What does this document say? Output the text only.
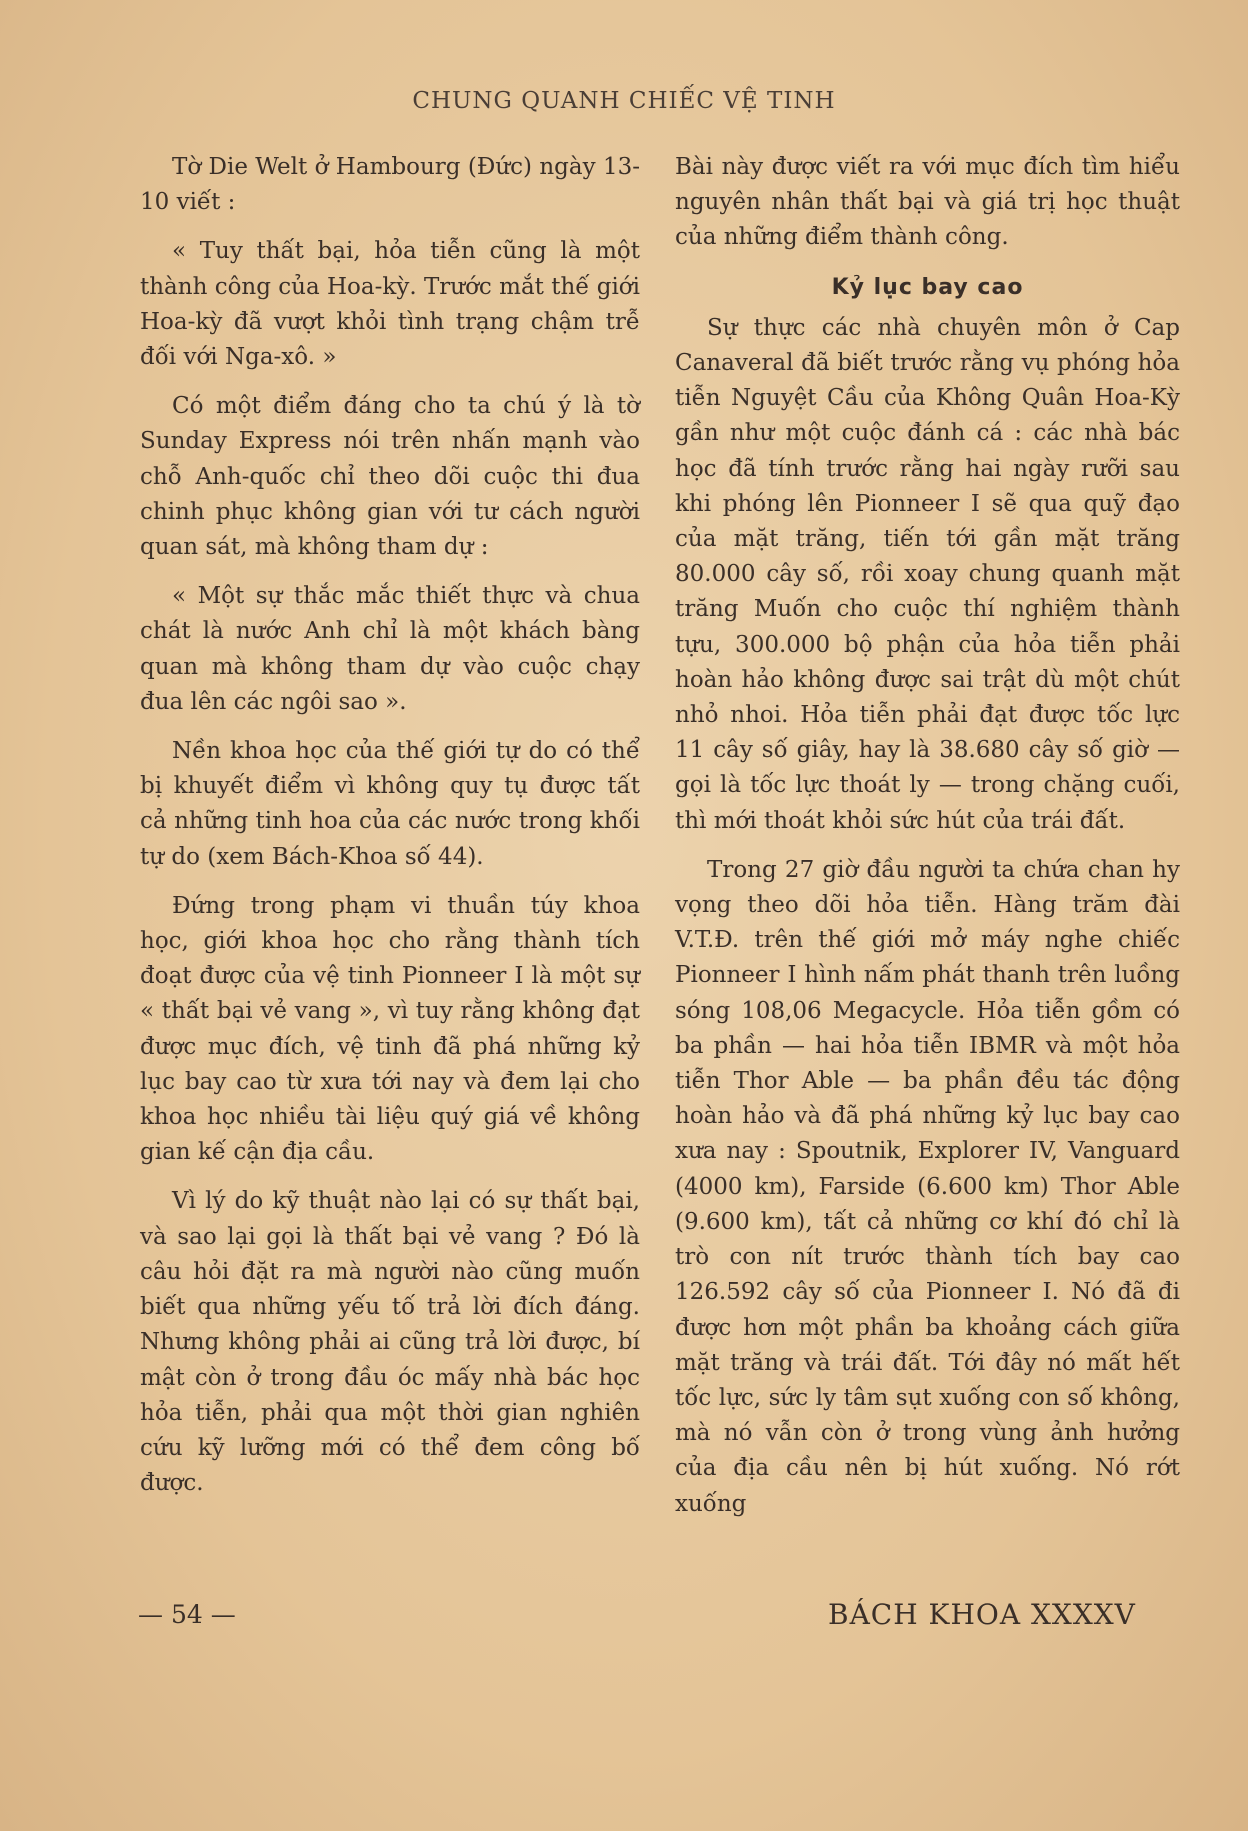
CHUNG QUANH CHIẾC VỆ TINH

Tờ Die Welt ở Hambourg (Đức) ngày 13-10 viết :

« Tuy thất bại, hỏa tiễn cũng là một thành công của Hoa-kỳ. Trước mắt thế giới Hoa-kỳ đã vượt khỏi tình trạng chậm trễ đối với Nga-xô. »

Có một điểm đáng cho ta chú ý là tờ Sunday Express nói trên nhấn mạnh vào chỗ Anh-quốc chỉ theo dõi cuộc thi đua chinh phục không gian với tư cách người quan sát, mà không tham dự :

« Một sự thắc mắc thiết thực và chua chát là nước Anh chỉ là một khách bàng quan mà không tham dự vào cuộc chạy đua lên các ngôi sao ».

Nền khoa học của thế giới tự do có thể bị khuyết điểm vì không quy tụ được tất cả những tinh hoa của các nước trong khối tự do (xem Bách-Khoa số 44).

Đứng trong phạm vi thuần túy khoa học, giới khoa học cho rằng thành tích đoạt được của vệ tinh Pionneer I là một sự « thất bại vẻ vang », vì tuy rằng không đạt được mục đích, vệ tinh đã phá những kỷ lục bay cao từ xưa tới nay và đem lại cho khoa học nhiều tài liệu quý giá về không gian kế cận địa cầu.

Vì lý do kỹ thuật nào lại có sự thất bại, và sao lại gọi là thất bại vẻ vang ? Đó là câu hỏi đặt ra mà người nào cũng muốn biết qua những yếu tố trả lời đích đáng. Nhưng không phải ai cũng trả lời được, bí mật còn ở trong đầu óc mấy nhà bác học hỏa tiễn, phải qua một thời gian nghiên cứu kỹ lưỡng mới có thể đem công bố được.

Bài này được viết ra với mục đích tìm hiểu nguyên nhân thất bại và giá trị học thuật của những điểm thành công.

Kỷ lục bay cao

Sự thực các nhà chuyên môn ở Cap Canaveral đã biết trước rằng vụ phóng hỏa tiễn Nguyệt Cầu của Không Quân Hoa-Kỳ gần như một cuộc đánh cá : các nhà bác học đã tính trước rằng hai ngày rưỡi sau khi phóng lên Pionneer I sẽ qua quỹ đạo của mặt trăng, tiến tới gần mặt trăng 80.000 cây số, rồi xoay chung quanh mặt trăng Muốn cho cuộc thí nghiệm thành tựu, 300.000 bộ phận của hỏa tiễn phải hoàn hảo không được sai trật dù một chút nhỏ nhoi. Hỏa tiễn phải đạt được tốc lực 11 cây số giây, hay là 38.680 cây số giờ — gọi là tốc lực thoát ly — trong chặng cuối, thì mới thoát khỏi sức hút của trái đất.

Trong 27 giờ đầu người ta chứa chan hy vọng theo dõi hỏa tiễn. Hàng trăm đài V.T.Đ. trên thế giới mở máy nghe chiếc Pionneer I hình nấm phát thanh trên luồng sóng 108,06 Megacycle. Hỏa tiễn gồm có ba phần — hai hỏa tiễn IBMR và một hỏa tiễn Thor Able — ba phần đều tác động hoàn hảo và đã phá những kỷ lục bay cao xưa nay : Spoutnik, Explorer IV, Vanguard (4000 km), Farside (6.600 km) Thor Able (9.600 km), tất cả những cơ khí đó chỉ là trò con nít trước thành tích bay cao 126.592 cây số của Pionneer I. Nó đã đi được hơn một phần ba khoảng cách giữa mặt trăng và trái đất. Tới đây nó mất hết tốc lực, sức ly tâm sụt xuống con số không, mà nó vẫn còn ở trong vùng ảnh hưởng của địa cầu nên bị hút xuống. Nó rớt xuống

— 54 —	BÁCH KHOA XXXXV
